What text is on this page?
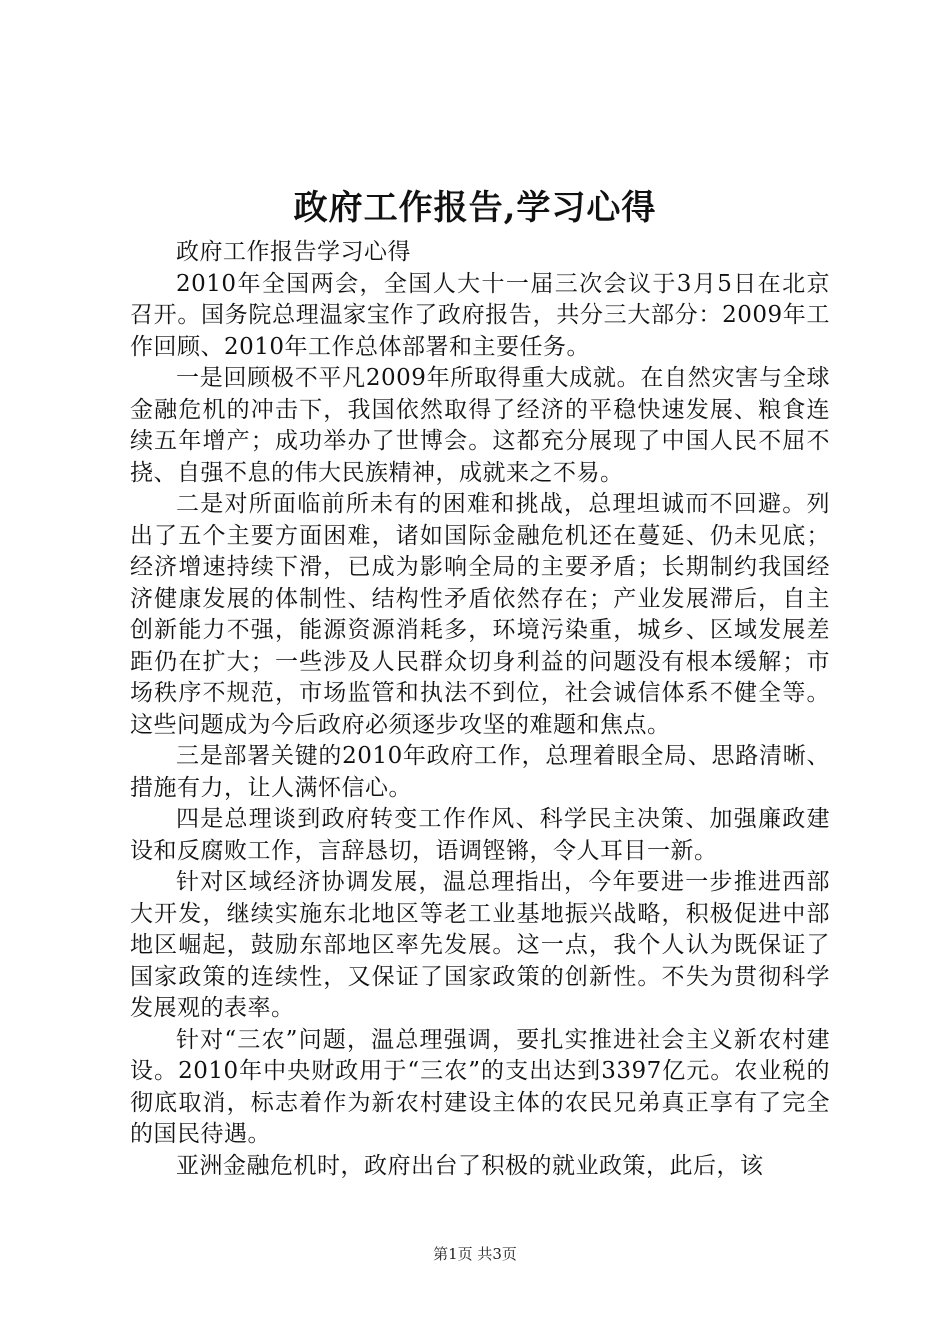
政府工作报告,学习心得

政府工作报告学习心得

2010年全国两会，全国人大十一届三次会议于3月5日在北京召开。国务院总理温家宝作了政府报告，共分三大部分：2009年工作回顾、2010年工作总体部署和主要任务。

一是回顾极不平凡2009年所取得重大成就。在自然灾害与全球金融危机的冲击下，我国依然取得了经济的平稳快速发展、粮食连续五年增产；成功举办了世博会。这都充分展现了中国人民不屈不挠、自强不息的伟大民族精神，成就来之不易。

二是对所面临前所未有的困难和挑战，总理坦诚而不回避。列出了五个主要方面困难，诸如国际金融危机还在蔓延、仍未见底；经济增速持续下滑，已成为影响全局的主要矛盾；长期制约我国经济健康发展的体制性、结构性矛盾依然存在；产业发展滞后，自主创新能力不强，能源资源消耗多，环境污染重，城乡、区域发展差距仍在扩大；一些涉及人民群众切身利益的问题没有根本缓解；市场秩序不规范，市场监管和执法不到位，社会诚信体系不健全等。这些问题成为今后政府必须逐步攻坚的难题和焦点。

三是部署关键的2010年政府工作，总理着眼全局、思路清晰、措施有力，让人满怀信心。

四是总理谈到政府转变工作作风、科学民主决策、加强廉政建设和反腐败工作，言辞恳切，语调铿锵，令人耳目一新。

针对区域经济协调发展，温总理指出，今年要进一步推进西部大开发，继续实施东北地区等老工业基地振兴战略，积极促进中部地区崛起，鼓励东部地区率先发展。这一点，我个人认为既保证了国家政策的连续性，又保证了国家政策的创新性。不失为贯彻科学发展观的表率。

针对“三农”问题，温总理强调，要扎实推进社会主义新农村建设。2010年中央财政用于“三农”的支出达到3397亿元。农业税的彻底取消，标志着作为新农村建设主体的农民兄弟真正享有了完全的国民待遇。

亚洲金融危机时，政府出台了积极的就业政策，此后，该

第1页 共3页
